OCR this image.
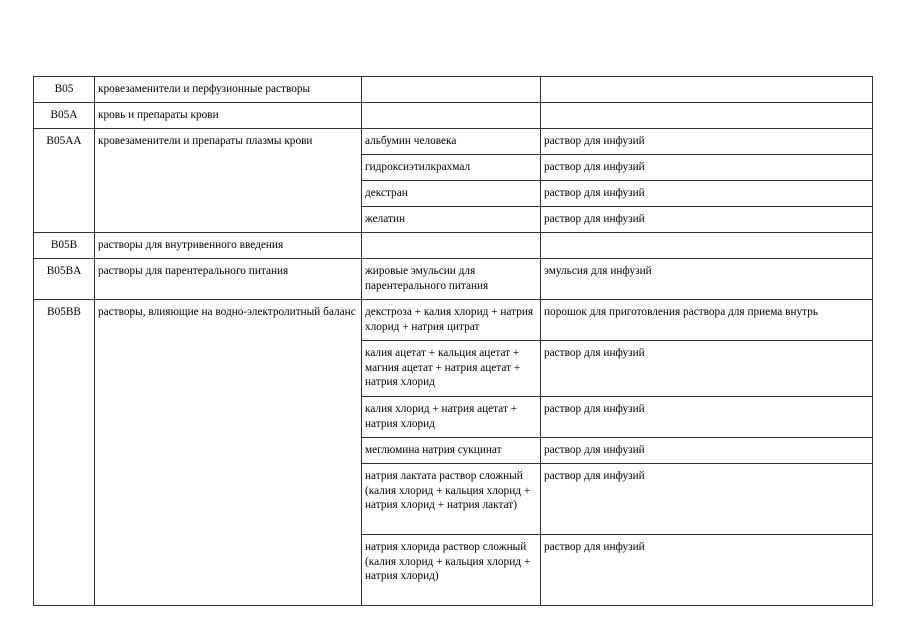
B05	кровезаменители и перфузионные растворы		
B05A	кровь и препараты крови		
B05AA	кровезаменители и препараты плазмы крови	альбумин человека	раствор для инфузий
		гидроксиэтилкрахмал	раствор для инфузий
		декстран	раствор для инфузий
		желатин	раствор для инфузий
B05B	растворы для внутривенного введения		
B05BA	растворы для парентерального питания	жировые эмульсии для парентерального питания	эмульсия для инфузий
B05BB	растворы, влияющие на водно-электролитный баланс	декстроза + калия хлорид + натрия хлорид + натрия цитрат	порошок для приготовления раствора для приема внутрь
		калия ацетат + кальция ацетат + магния ацетат + натрия ацетат + натрия хлорид	раствор для инфузий
		калия хлорид + натрия ацетат + натрия хлорид	раствор для инфузий
		меглюмина натрия сукцинат	раствор для инфузий
		натрия лактата раствор сложный (калия хлорид + кальция хлорид + натрия хлорид + натрия лактат)	раствор для инфузий
		натрия хлорида раствор сложный (калия хлорид + кальция хлорид + натрия хлорид)	раствор для инфузий
